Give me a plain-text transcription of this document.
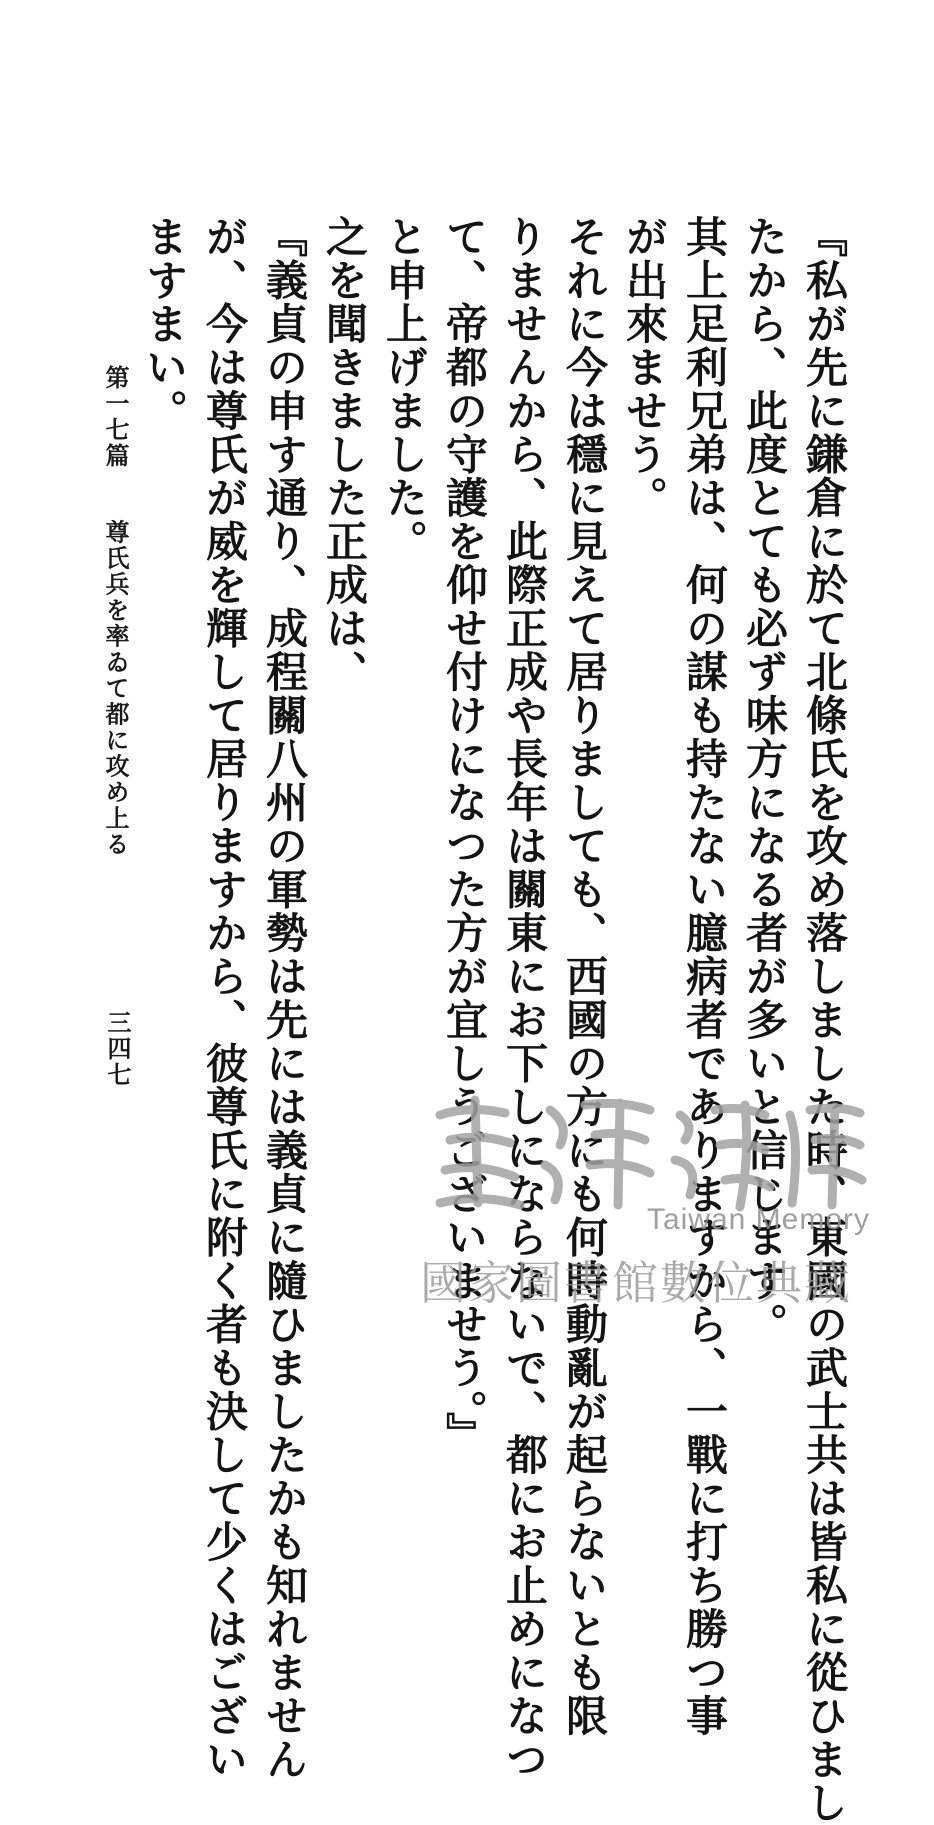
『私が先に鎌倉に於て北條氏を攻め落しました時、東國の武士共は皆私に從ひまし
たから、此度とても必ず味方になる者が多いと信じます。
其上足利兄弟は、何の謀も持たない臆病者でありますから、一戰に打ち勝つ事
が出來ませう。
それに今は穩に見えて居りましても、西國の方にも何時動亂が起らないとも限
りませんから、此際正成や長年は關東にお下しにならないで、都にお止めになつ
て、帝都の守護を仰せ付けになつた方が宜しうございませう。』
と申上げました。
之を聞きました正成は、
『義貞の申す通り、成程關八州の軍勢は先には義貞に隨ひましたかも知れません
が、今は尊氏が威を輝して居りますから、彼尊氏に附く者も決して少くはござい
ますまい。
第一七篇 尊氏兵を率ゐて都に攻め上る
三四七
Taiwan Memory
國家圖書館數位典藏
